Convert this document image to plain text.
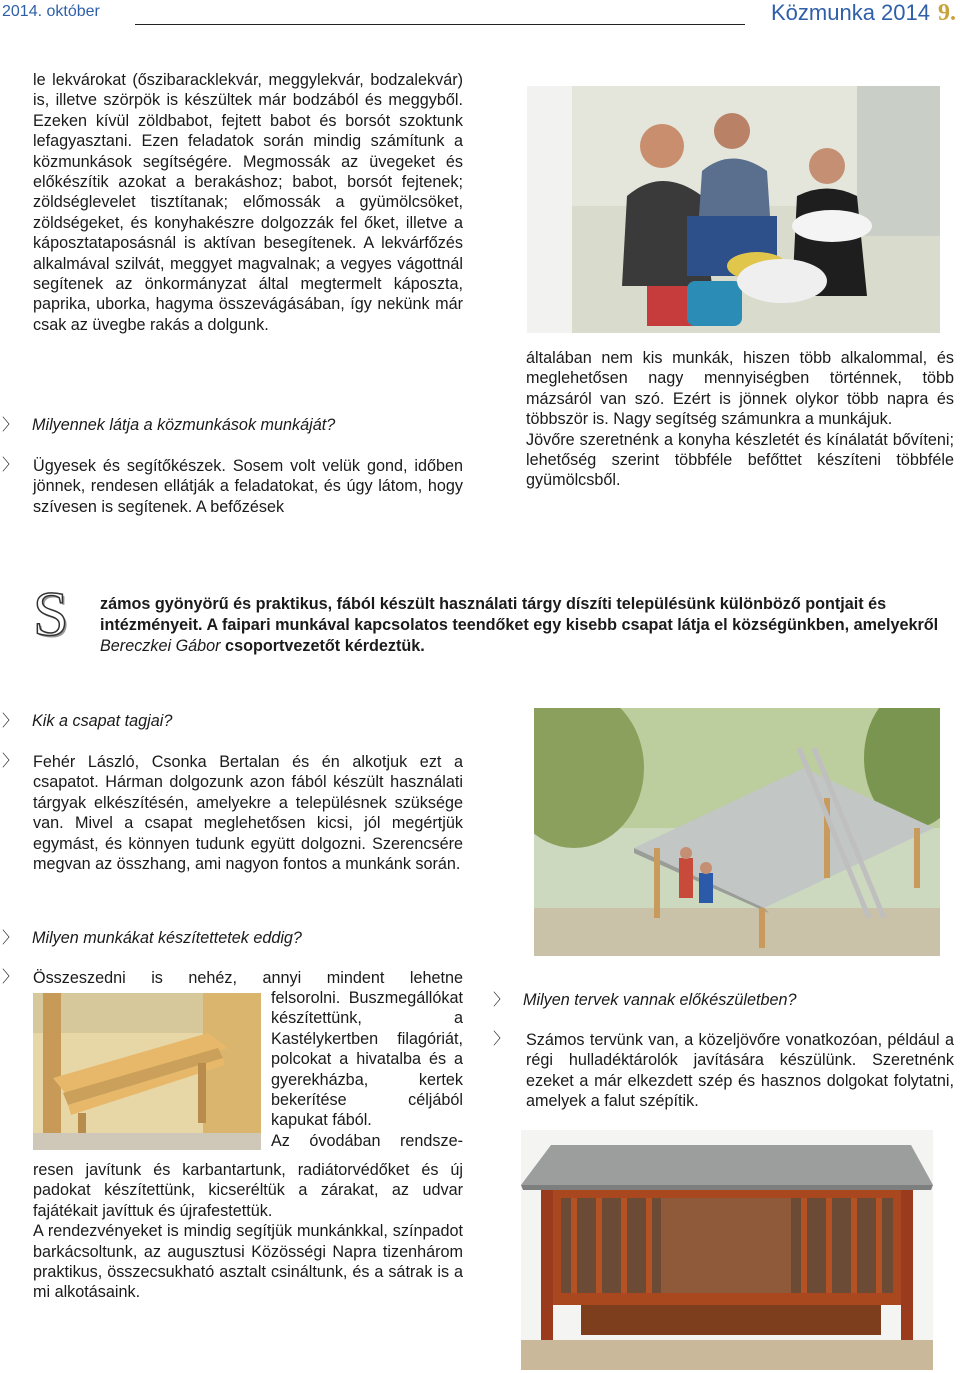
2014. október	Közmunka 2014 9.

le lekvárokat (őszibaracklekvár, meggylekvár, bodzalekvár) is, illetve szörpök is készültek már bodzából és meggyből. Ezeken kívül zöldbabot, fejtett babot és borsót szoktunk lefagyasztani. Ezen feladatok során mindig számítunk a közmunkások segítségére. Megmossák az üvegeket és előkészítik azokat a berakáshoz; babot, borsót fejtenek; zöldséglevelet tisztítanak; előmossák a gyümölcsöket, zöldségeket, és konyhakészre dolgozzák fel őket, illetve a káposztataposásnál is aktívan besegítenek. A lekvárfőzés alkalmával szilvát, meggyet magvalnak; a vegyes vágottnál segítenek az önkormányzat által megtermelt káposzta, paprika, uborka, hagyma összevágásában, így nekünk már csak az üvegbe rakás a dolgunk.

〉 Milyennek látja a közmunkások munkáját?
〉 Ügyesek és segítőkészek. Sosem volt velük gond, időben jönnek, rendesen ellátják a feladatokat, és úgy látom, hogy szívesen is segítenek. A befőzések

általában nem kis munkák, hiszen több alkalommal, és meglehetősen nagy mennyiségben történnek, több mázsáról van szó. Ezért is jönnek olykor több napra és többször is. Nagy segítség számunkra a munkájuk.

Jövőre szeretnénk a konyha készletét és kínálatát bővíteni; lehetőség szerint többféle befőttet készíteni többféle gyümölcsből.

S zámos gyönyörű és praktikus, fából készült használati tárgy díszíti településünk különböző pontjait és intézményeit. A faipari munkával kapcsolatos teendőket egy kisebb csapat látja el községünkben, amelyekről Bereczkei Gábor csoportvezetőt kérdeztük.
〉 Kik a csapat tagjai?
〉 Fehér László, Csonka Bertalan és én alkotjuk ezt a csapatot. Hárman dolgozunk azon fából készült használati tárgyak elkészítésén, amelyekre a településnek szüksége van. Mivel a csapat meglehetősen kicsi, jól megértjük egymást, és könnyen tudunk együtt dolgozni. Szerencsére megvan az összhang, ami nagyon fontos a munkánk során.

〉 Milyen munkákat készítettetek eddig?
〉 Összeszedni is nehéz, annyi mindent lehetne

felsorolni. Buszmegállókat készítettünk, a Kastélykertben filagóriát, polcokat a hivatalba és a gyerekházba, kertek bekerítése céljából kapukat fából.

Az óvodában rendsze-

resen javítunk és karbantartunk, radiátorvédőket és új padokat készítettünk, kicseréltük a zárakat, az udvar fajátékait javíttuk és újrafestettük.

A rendezvényeket is mindig segítjük munkánkkal, színpadot barkácsoltunk, az augusztusi Közösségi Napra tizenhárom praktikus, összecsukható asztalt csináltunk, és a sátrak is a mi alkotásaink.

〉 Milyen tervek vannak előkészületben?
〉 Számos tervünk van, a közeljövőre vonatkozóan, például a régi hulladéktárolók javítására készülünk. Szeretnénk ezeket a már elkezdett szép és hasznos dolgokat folytatni, amelyek a falut szépítik.
